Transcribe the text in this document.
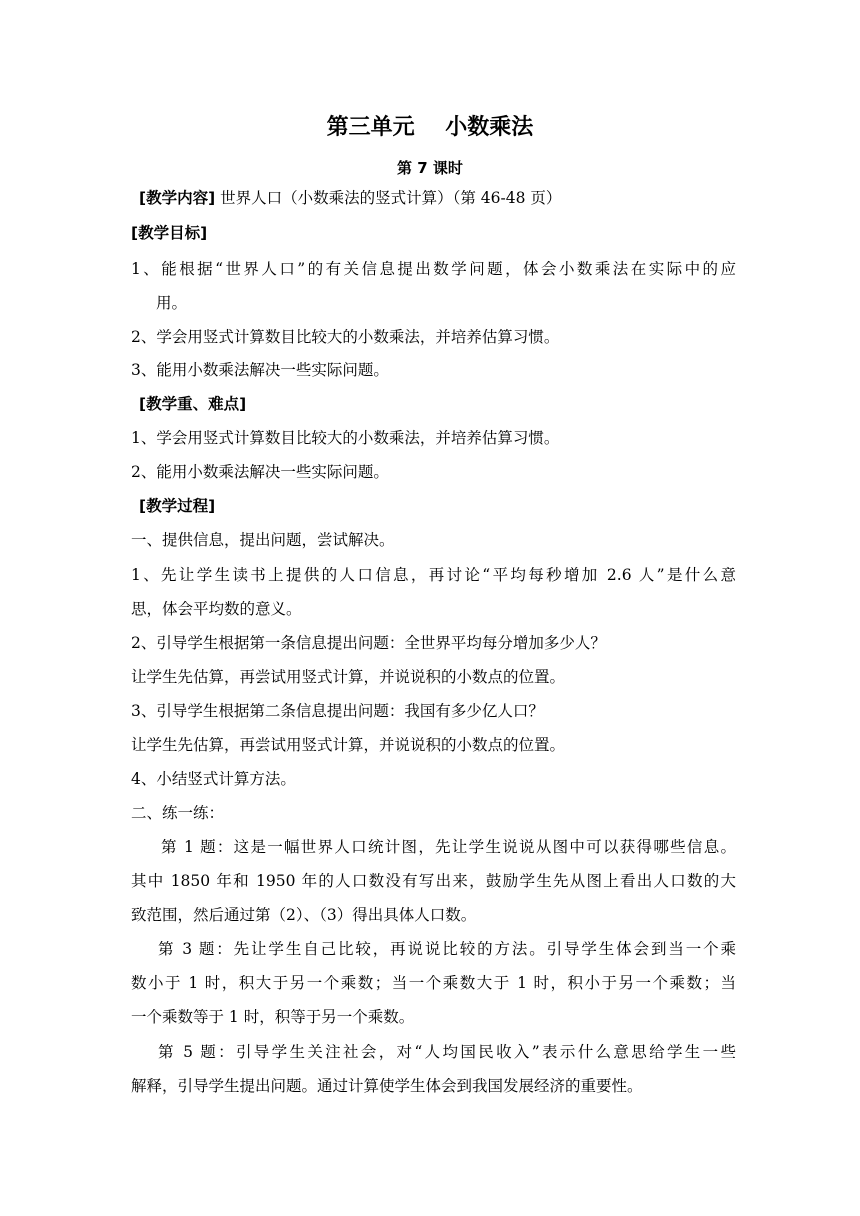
第三单元    小数乘法
第 7 课时
[教学内容] 世界人口（小数乘法的竖式计算）（第 46-48 页）
[教学目标]
1、能根据“世界人口”的有关信息提出数学问题，体会小数乘法在实际中的应
用。
2、学会用竖式计算数目比较大的小数乘法，并培养估算习惯。
3、能用小数乘法解决一些实际问题。
[教学重、难点]
1、学会用竖式计算数目比较大的小数乘法，并培养估算习惯。
2、能用小数乘法解决一些实际问题。
[教学过程]
一、提供信息，提出问题，尝试解决。
1、先让学生读书上提供的人口信息，再讨论“平均每秒增加 2.6 人”是什么意
思，体会平均数的意义。
2、引导学生根据第一条信息提出问题：全世界平均每分增加多少人？
让学生先估算，再尝试用竖式计算，并说说积的小数点的位置。
3、引导学生根据第二条信息提出问题：我国有多少亿人口？
让学生先估算，再尝试用竖式计算，并说说积的小数点的位置。
4、小结竖式计算方法。
二、练一练：
第 1 题：这是一幅世界人口统计图，先让学生说说从图中可以获得哪些信息。
其中 1850 年和 1950 年的人口数没有写出来，鼓励学生先从图上看出人口数的大
致范围，然后通过第（2）、（3）得出具体人口数。
第 3 题：先让学生自己比较，再说说比较的方法。引导学生体会到当一个乘
数小于 1 时，积大于另一个乘数；当一个乘数大于 1 时，积小于另一个乘数；当
一个乘数等于 1 时，积等于另一个乘数。
第 5 题：引导学生关注社会，对“人均国民收入”表示什么意思给学生一些
解释，引导学生提出问题。通过计算使学生体会到我国发展经济的重要性。
